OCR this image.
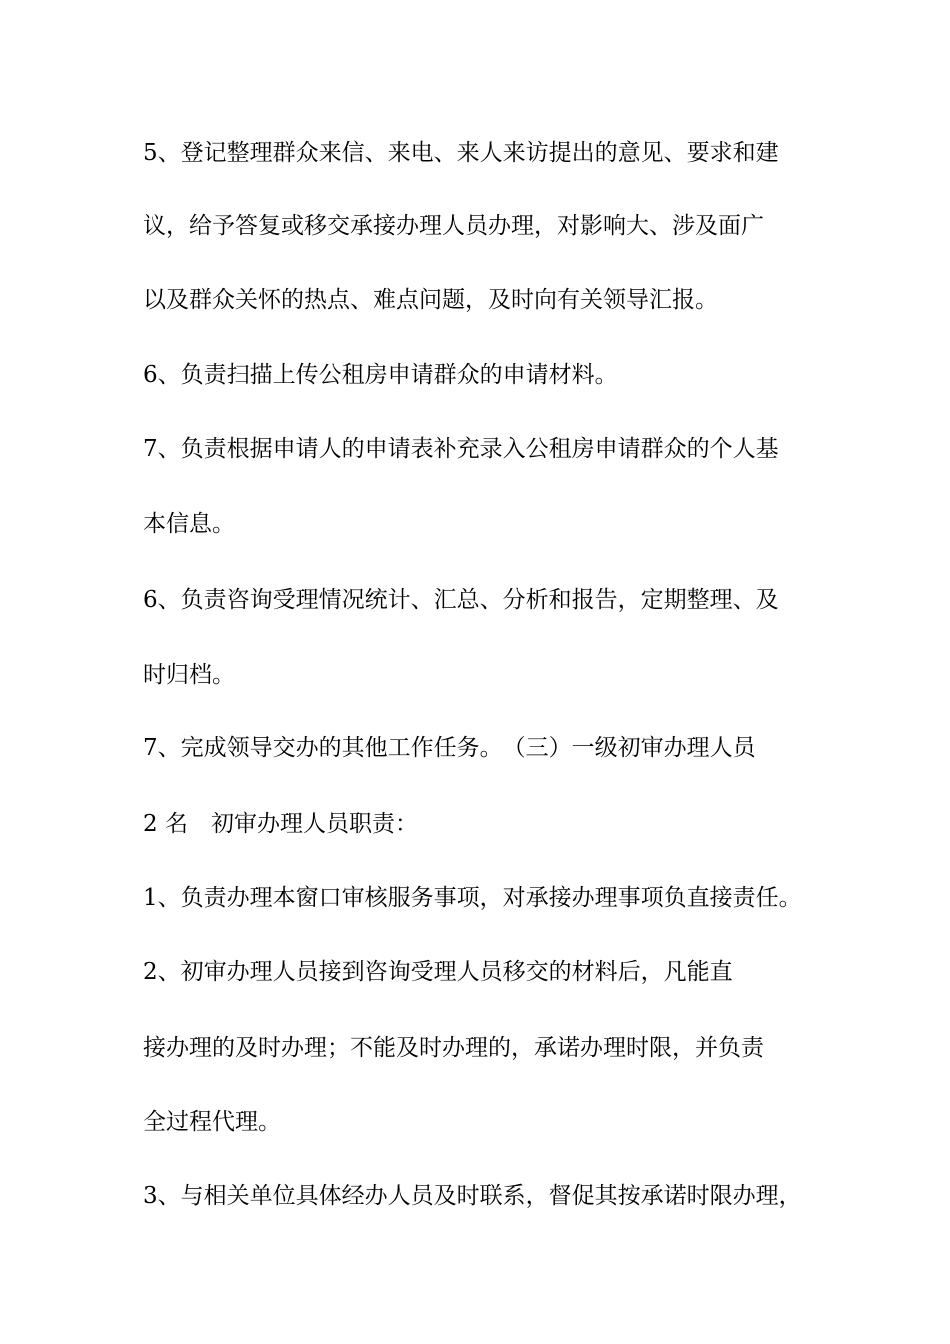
5、登记整理群众来信、来电、来人来访提出的意见、要求和建

议，给予答复或移交承接办理人员办理，对影响大、涉及面广

以及群众关怀的热点、难点问题，及时向有关领导汇报。

6、负责扫描上传公租房申请群众的申请材料。

7、负责根据申请人的申请表补充录入公租房申请群众的个人基

本信息。

6、负责咨询受理情况统计、汇总、分析和报告，定期整理、及

时归档。

7、完成领导交办的其他工作任务。　（三）一级初审办理人员

2 名　初审办理人员职责：

1、负责办理本窗口审核服务事项，对承接办理事项负直接责任。

2、初审办理人员接到咨询受理人员移交的材料后，凡能直

接办理的及时办理；不能及时办理的，承诺办理时限，并负责

全过程代理。

3、与相关单位具体经办人员及时联系，督促其按承诺时限办理，
